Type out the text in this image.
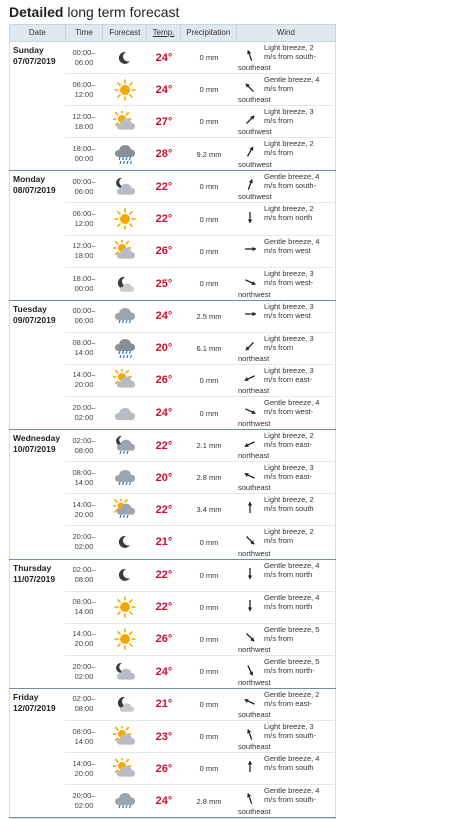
Detailed long term forecast
Date	Time	Forecast	Temp.	Precipitation	Wind
Sunday
07/07/2019
00:00–
06:00	24°	0 mm
Light breeze, 2
m/s from south-
southeast
06:00–
12:00	24°	0 mm
Gentle breeze, 4
m/s from
southeast
12:00–
18:00	27°	0 mm
Light breeze, 3
m/s from
southwest
18:00–
00:00	28°	9.2 mm
Light breeze, 2
m/s from
southwest
Monday
08/07/2019
00:00–
06:00	22°	0 mm
Gentle breeze, 4
m/s from south-
southwest
06:00–
12:00	22°	0 mm
Light breeze, 2
m/s from north
12:00–
18:00	26°	0 mm
Gentle breeze, 4
m/s from west
18:00–
00:00	25°	0 mm
Light breeze, 3
m/s from west-
northwest
Tuesday
09/07/2019
00:00–
06:00	24°	2.5 mm
Light breeze, 3
m/s from west
08:00–
14:00	20°	6.1 mm
Light breeze, 3
m/s from
northeast
14:00–
20:00	26°	0 mm
Light breeze, 3
m/s from east-
northeast
20:00–
02:00	24°	0 mm
Gentle breeze, 4
m/s from west-
northwest
Wednesday
10/07/2019
02:00–
08:00	22°	2.1 mm
Light breeze, 2
m/s from east-
northeast
08:00–
14:00	20°	2.8 mm
Light breeze, 3
m/s from east-
southeast
14:00–
20:00	22°	3.4 mm
Light breeze, 2
m/s from south
20:00–
02:00	21°	0 mm
Light breeze, 2
m/s from
northwest
Thursday
11/07/2019
02:00–
08:00	22°	0 mm
Gentle breeze, 4
m/s from north
08:00–
14:00	22°	0 mm
Gentle breeze, 4
m/s from north
14:00–
20:00	26°	0 mm
Gentle breeze, 5
m/s from
northwest
20:00–
02:00	24°	0 mm
Gentle breeze, 5
m/s from north-
northwest
Friday
12/07/2019
02:00–
08:00	21°	0 mm
Gentle breeze, 2
m/s from east-
southeast
08:00–
14:00	23°	0 mm
Light breeze, 3
m/s from south-
southeast
14:00–
20:00	26°	0 mm
Gentle breeze, 4
m/s from south
20:00–
02:00	24°	2.8 mm
Gentle breeze, 4
m/s from south-
southeast
